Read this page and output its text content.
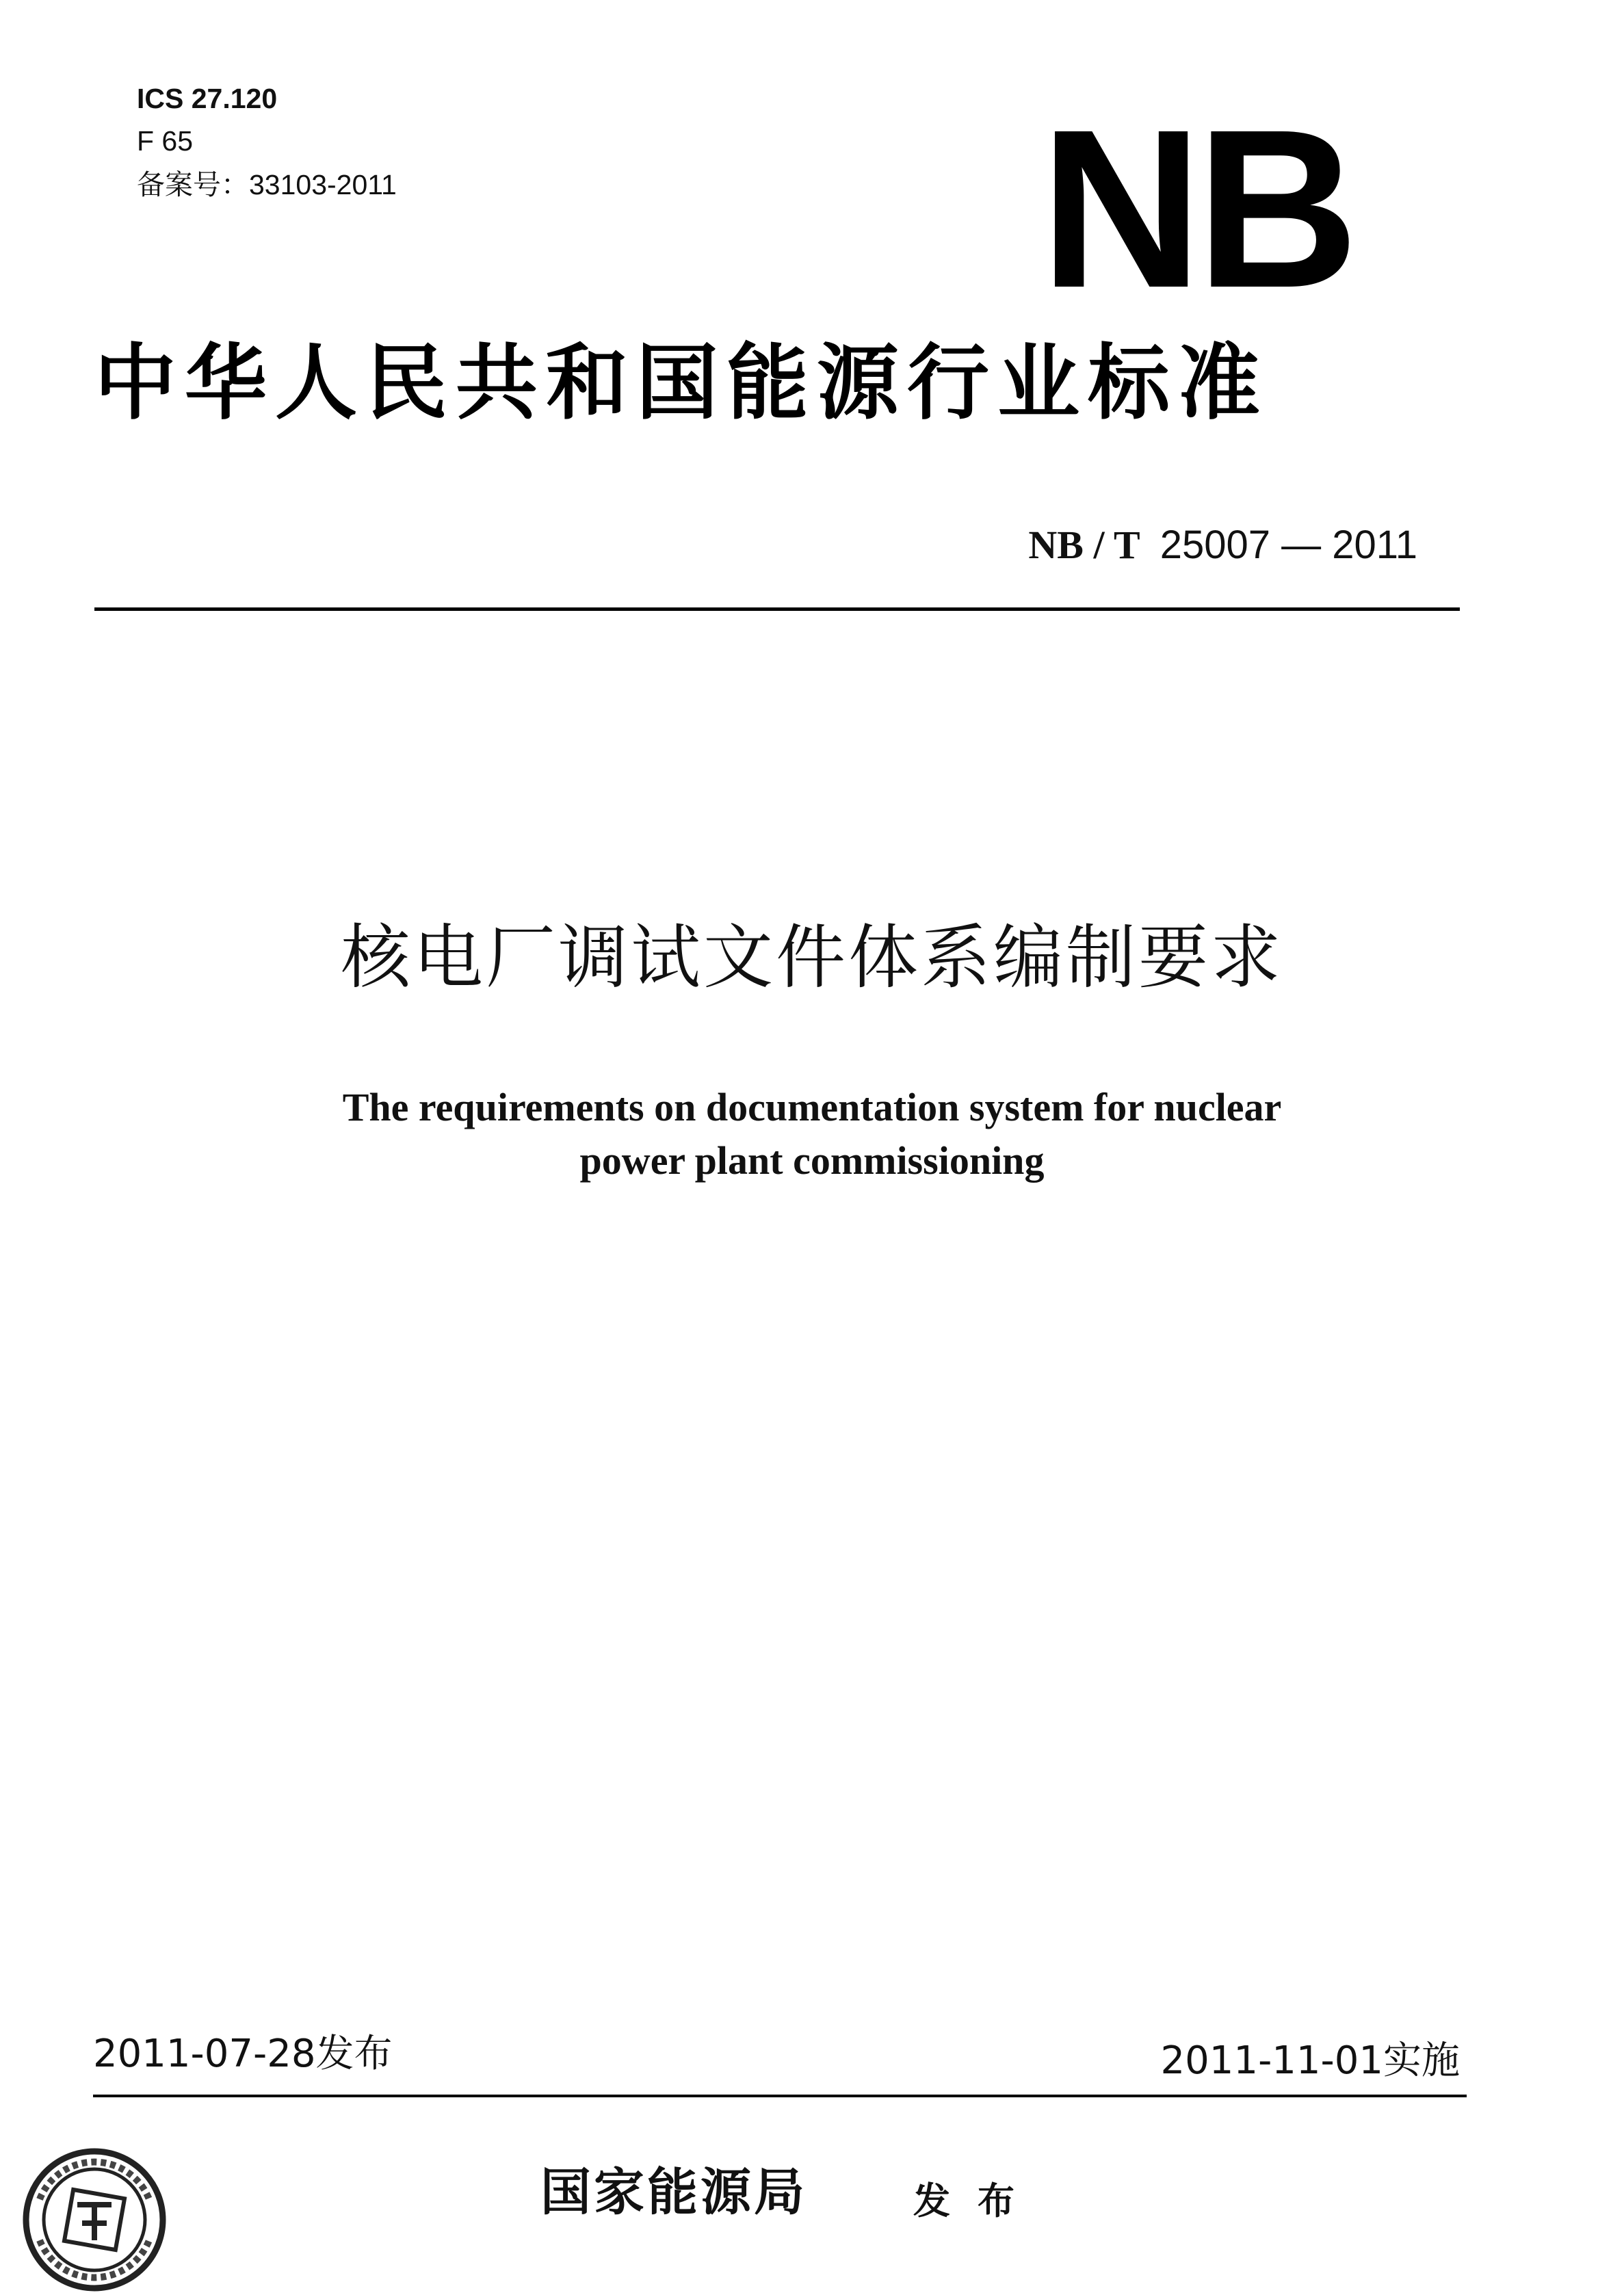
ICS 27.120
F 65
备案号：33103-2011	NB
中华人民共和国能源行业标准
NB / T 25007 — 2011
核电厂调试文件体系编制要求
The requirements on documentation system for nuclear
power plant commissioning
2011-07-28发布	2011-11-01实施
国家能源局	发布
